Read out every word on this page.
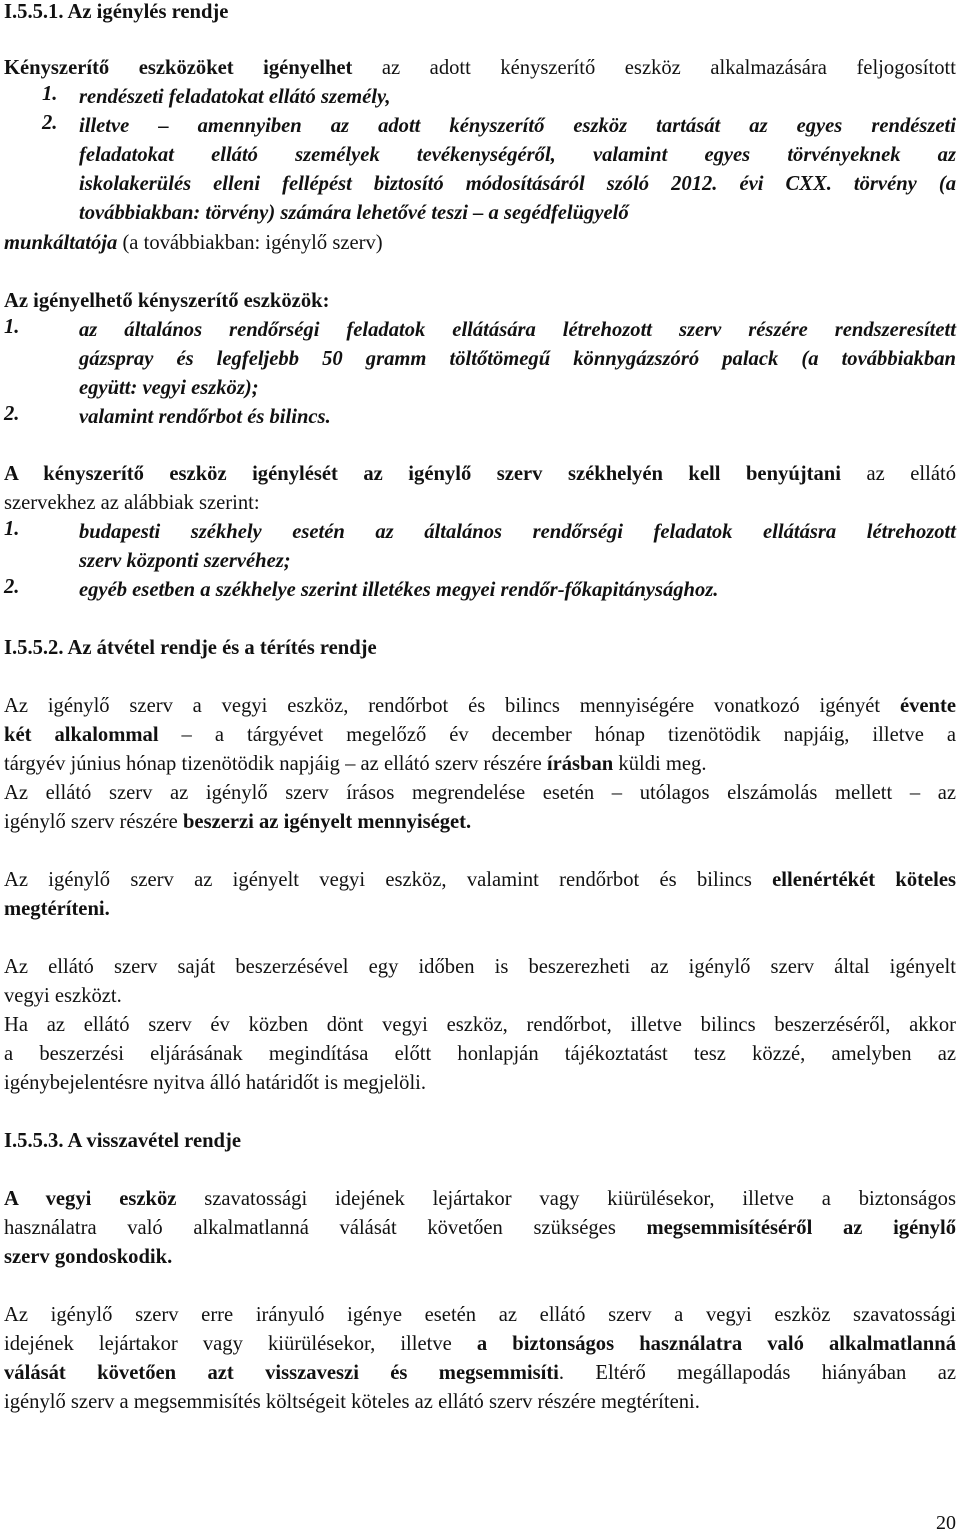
I.5.5.1. Az igénylés rendje

Kényszerítő eszközöket igényelhet az adott kényszerítő eszköz alkalmazására feljogosított

1.	rendészeti feladatokat ellátó személy,

2.	illetve – amennyiben az adott kényszerítő eszköz tartását az egyes rendészeti

feladatokat ellátó személyek tevékenységéről, valamint egyes törvényeknek az

iskolakerülés elleni fellépést biztosító módosításáról szóló 2012. évi CXX. törvény (a

továbbiakban: törvény) számára lehetővé teszi – a segédfelügyelő

munkáltatója (a továbbiakban: igénylő szerv)

Az igényelhető kényszerítő eszközök:

1.	az általános rendőrségi feladatok ellátására létrehozott szerv részére rendszeresített

gázspray és legfeljebb 50 gramm töltőtömegű könnygázszóró palack (a továbbiakban

együtt: vegyi eszköz);

2.	valamint rendőrbot és bilincs.

A kényszerítő eszköz igénylését az igénylő szerv székhelyén kell benyújtani az ellátó

szervekhez az alábbiak szerint:

1.	budapesti székhely esetén az általános rendőrségi feladatok ellátásra létrehozott

szerv központi szervéhez;

2.	egyéb esetben a székhelye szerint illetékes megyei rendőr-főkapitánysághoz.

I.5.5.2. Az átvétel rendje és a térítés rendje

Az igénylő szerv a vegyi eszköz, rendőrbot és bilincs mennyiségére vonatkozó igényét évente

két alkalommal – a tárgyévet megelőző év december hónap tizenötödik napjáig, illetve a

tárgyév június hónap tizenötödik napjáig – az ellátó szerv részére írásban küldi meg.

Az ellátó szerv az igénylő szerv írásos megrendelése esetén – utólagos elszámolás mellett – az

igénylő szerv részére beszerzi az igényelt mennyiséget.

Az igénylő szerv az igényelt vegyi eszköz, valamint rendőrbot és bilincs ellenértékét köteles

megtéríteni.

Az ellátó szerv saját beszerzésével egy időben is beszerezheti az igénylő szerv által igényelt

vegyi eszközt.

Ha az ellátó szerv év közben dönt vegyi eszköz, rendőrbot, illetve bilincs beszerzéséről, akkor

a beszerzési eljárásának megindítása előtt honlapján tájékoztatást tesz közzé, amelyben az

igénybejelentésre nyitva álló határidőt is megjelöli.

I.5.5.3. A visszavétel rendje

A vegyi eszköz szavatossági idejének lejártakor vagy kiürülésekor, illetve a biztonságos

használatra való alkalmatlanná válását követően szükséges megsemmisítéséről az igénylő

szerv gondoskodik.

Az igénylő szerv erre irányuló igénye esetén az ellátó szerv a vegyi eszköz szavatossági

idejének lejártakor vagy kiürülésekor, illetve a biztonságos használatra való alkalmatlanná

válását követően azt visszaveszi és megsemmisíti. Eltérő megállapodás hiányában az

igénylő szerv a megsemmisítés költségeit köteles az ellátó szerv részére megtéríteni.

20
